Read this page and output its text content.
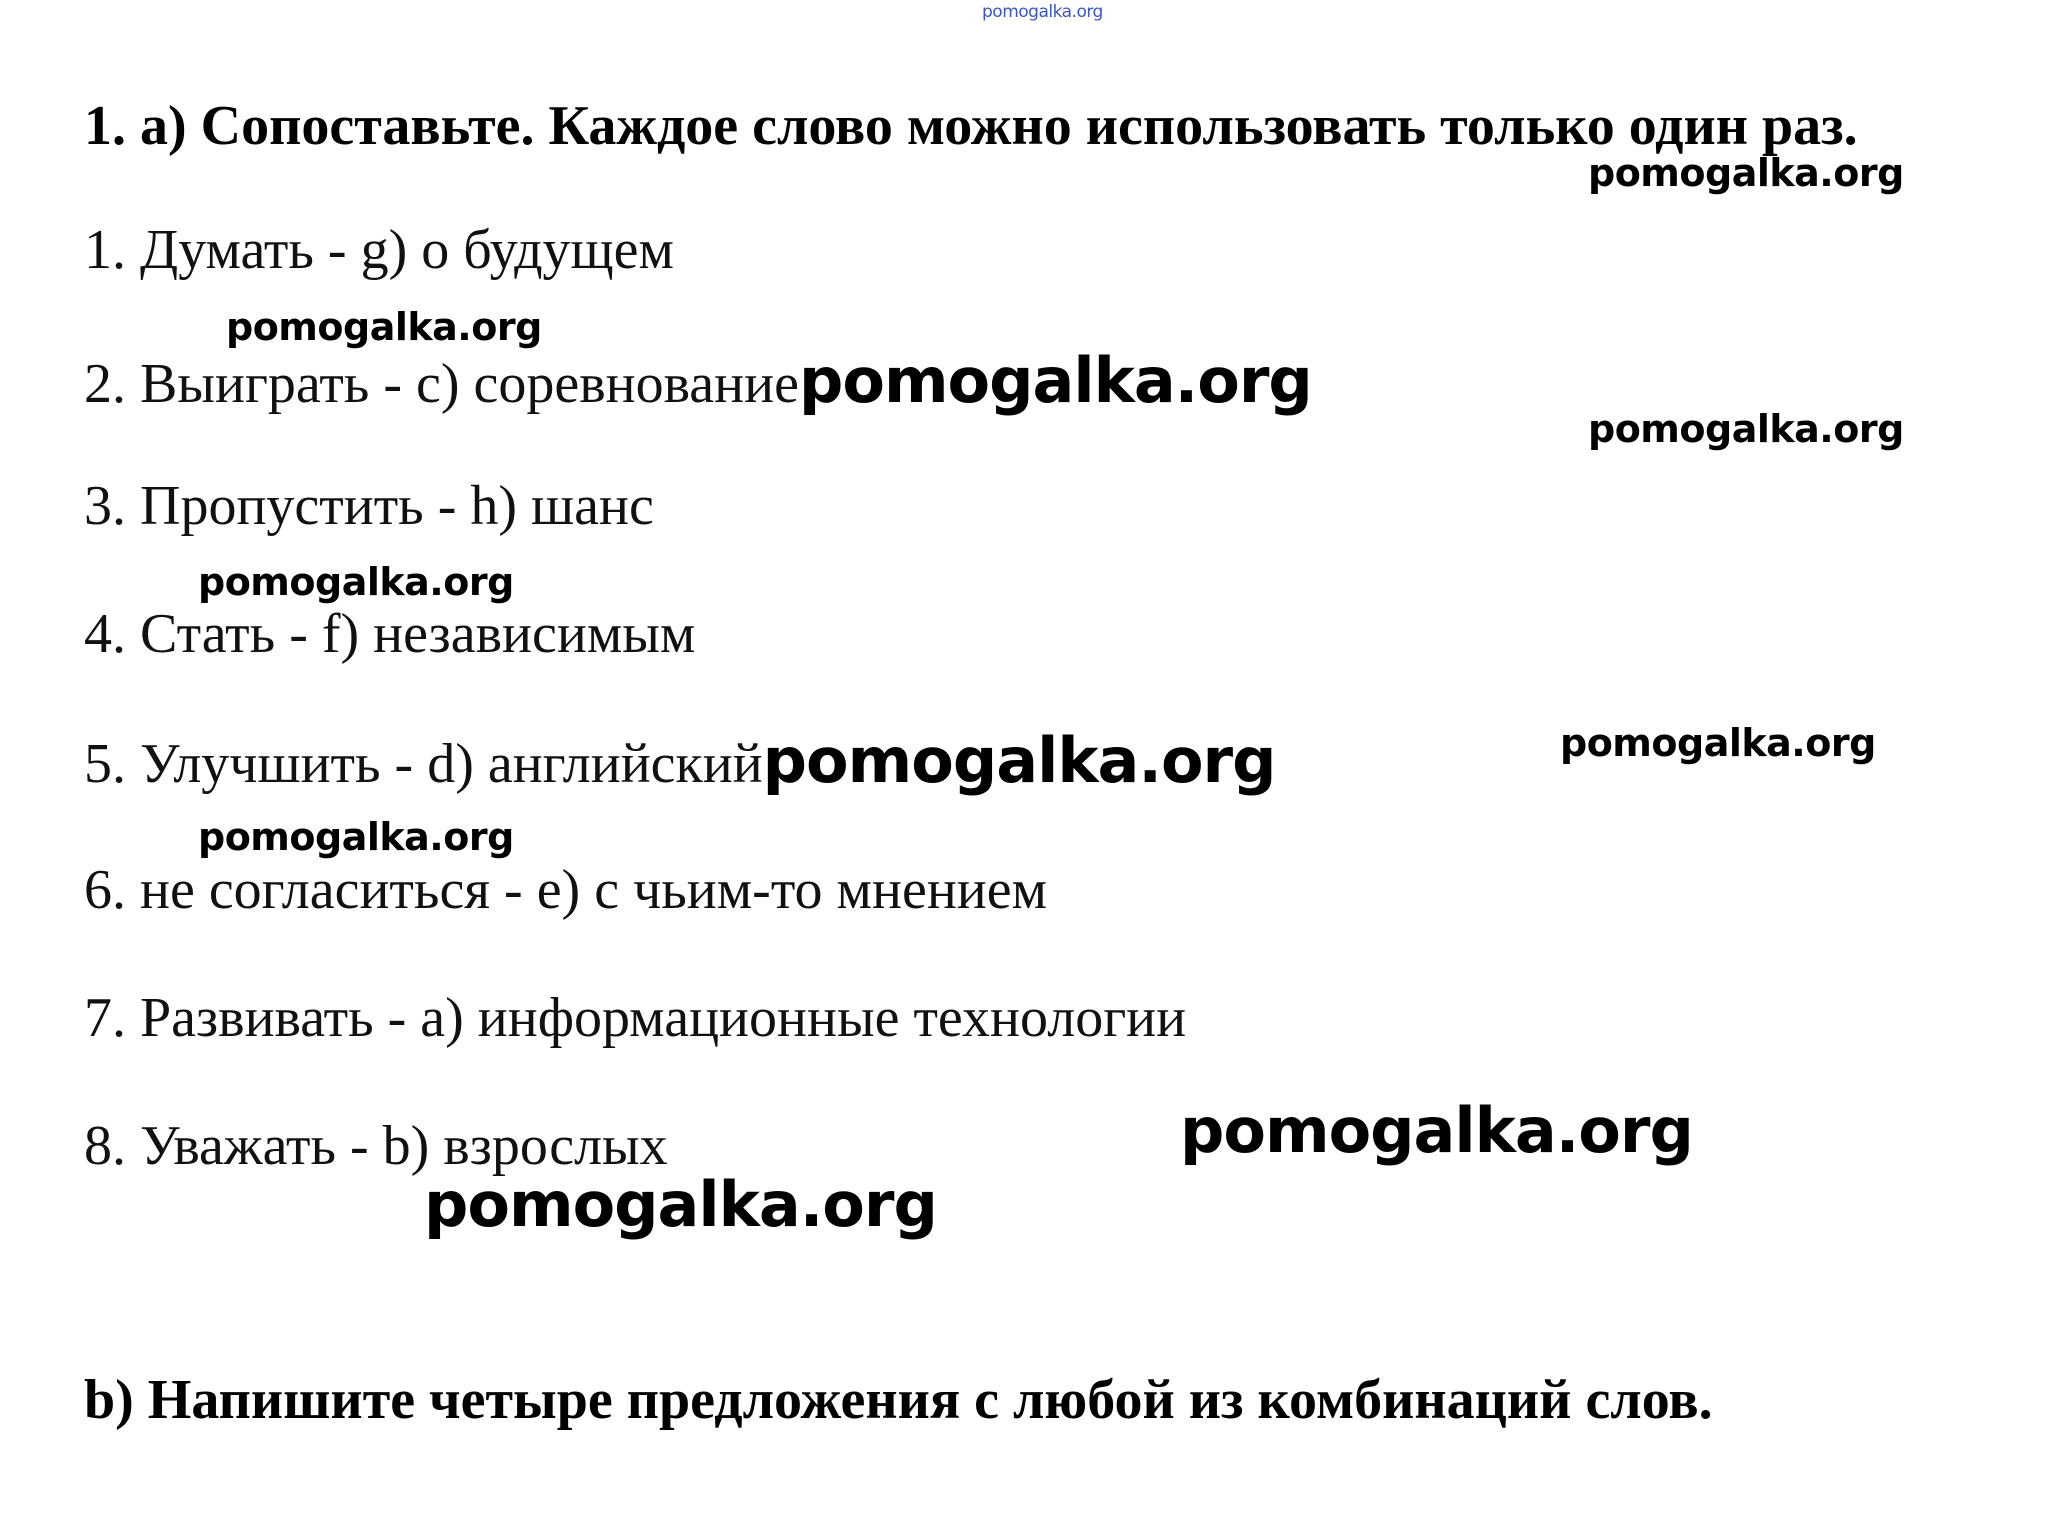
pomogalka.org
1. a) Сопоставьте. Каждое слово можно использовать только один раз.
pomogalka.org
1. Думать - g) о будущем
pomogalka.org
2. Выиграть - c) соревнованиеpomogalka.org
pomogalka.org
3. Пропустить - h) шанс
pomogalka.org
4. Стать - f) независимым
5. Улучшить - d) английскийpomogalka.org	pomogalka.org
pomogalka.org
6. не согласиться - e) с чьим-то мнением
7. Развивать - a) информационные технологии
8. Уважать - b) взрослых	pomogalka.org
pomogalka.org
b) Напишите четыре предложения с любой из комбинаций слов.
